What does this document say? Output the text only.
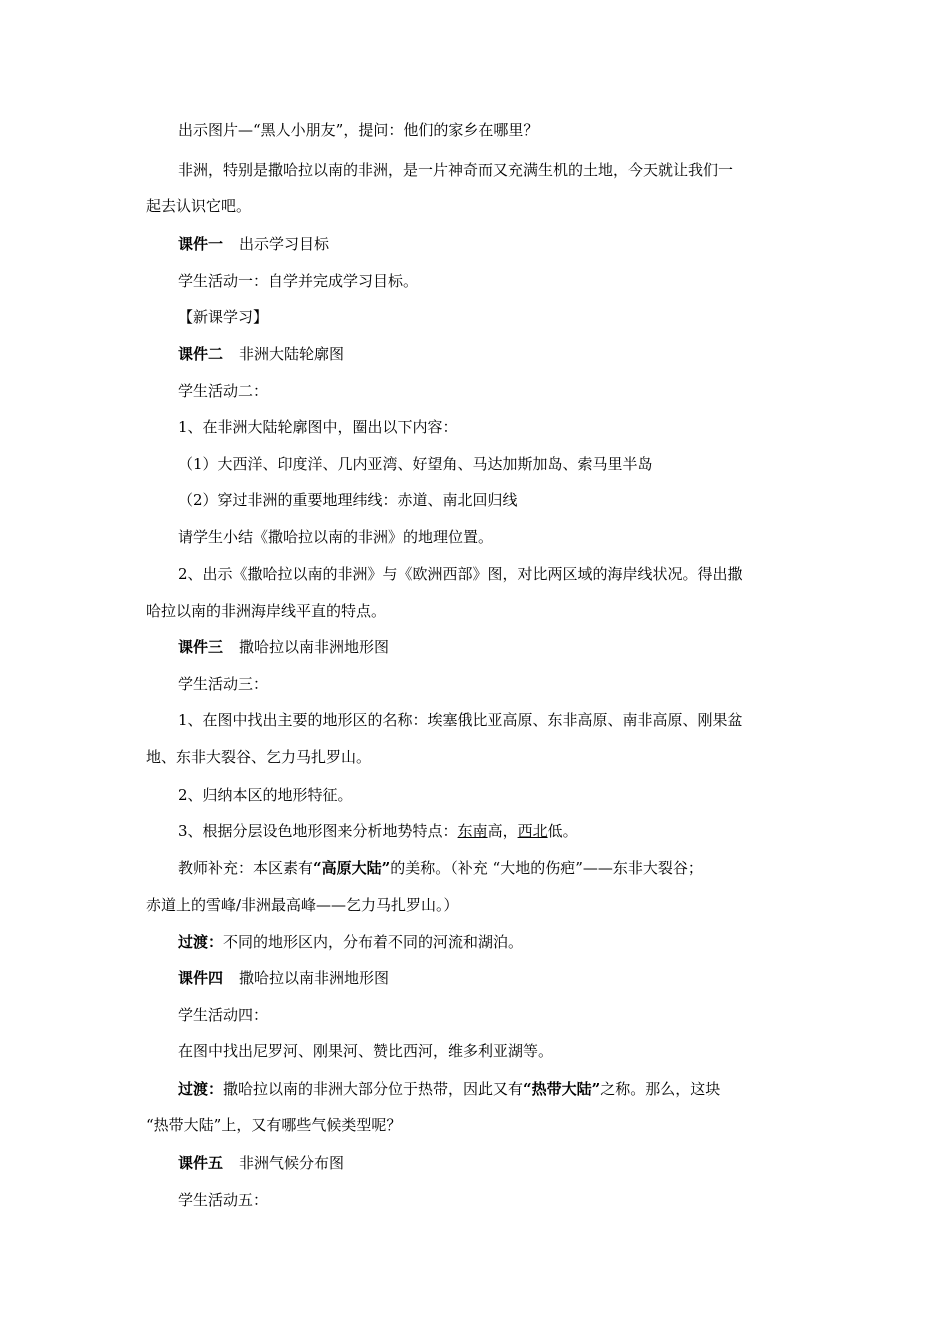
出示图片—“黑人小朋友”，提问：他们的家乡在哪里？

非洲，特别是撒哈拉以南的非洲，是一片神奇而又充满生机的土地，今天就让我们一

起去认识它吧。

课件一 出示学习目标

学生活动一：自学并完成学习目标。

【新课学习】

课件二 非洲大陆轮廓图

学生活动二：

1、在非洲大陆轮廓图中，圈出以下内容：

（1）大西洋、印度洋、几内亚湾、好望角、马达加斯加岛、索马里半岛

（2）穿过非洲的重要地理纬线：赤道、南北回归线

请学生小结《撒哈拉以南的非洲》的地理位置。

2、出示《撒哈拉以南的非洲》与《欧洲西部》图，对比两区域的海岸线状况。得出撒

哈拉以南的非洲海岸线平直的特点。

课件三 撒哈拉以南非洲地形图

学生活动三：

1、在图中找出主要的地形区的名称：埃塞俄比亚高原、东非高原、南非高原、刚果盆

地、东非大裂谷、乞力马扎罗山。

2、归纳本区的地形特征。

3、根据分层设色地形图来分析地势特点：东南高，西北低。

教师补充：本区素有“高原大陆”的美称。（补充 “大地的伤疤”——东非大裂谷；

赤道上的雪峰/非洲最高峰——乞力马扎罗山。）

过渡：不同的地形区内，分布着不同的河流和湖泊。

课件四 撒哈拉以南非洲地形图

学生活动四：

在图中找出尼罗河、刚果河、赞比西河，维多利亚湖等。

过渡：撒哈拉以南的非洲大部分位于热带，因此又有“热带大陆”之称。那么，这块

“热带大陆”上，又有哪些气候类型呢？

课件五 非洲气候分布图

学生活动五：
